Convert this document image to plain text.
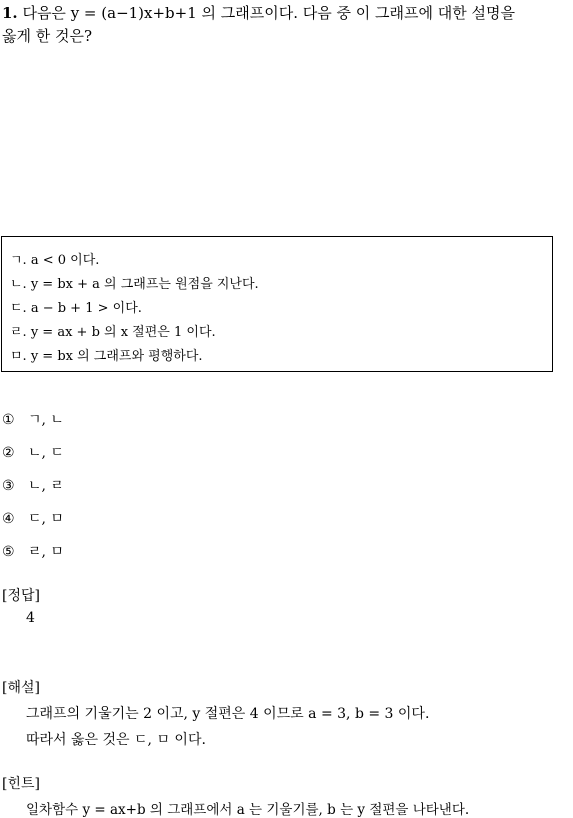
1. 다음은 y = (a−1)x+b+1 의 그래프이다. 다음 중 이 그래프에 대한 설명을
옳게 한 것은?
ㄱ. a < 0 이다.
ㄴ. y = bx + a 의 그래프는 원점을 지난다.
ㄷ. a − b + 1 > 이다.
ㄹ. y = ax + b 의 x 절편은 1 이다.
ㅁ. y = bx 의 그래프와 평행하다.
① ㄱ, ㄴ
② ㄴ, ㄷ
③ ㄴ, ㄹ
④ ㄷ, ㅁ
⑤ ㄹ, ㅁ
[정답]
4
[해설]
그래프의 기울기는 2 이고, y 절편은 4 이므로 a = 3, b = 3 이다.
따라서 옳은 것은 ㄷ, ㅁ 이다.
[힌트]
일차함수 y = ax+b 의 그래프에서 a 는 기울기를, b 는 y 절편을 나타낸다.
